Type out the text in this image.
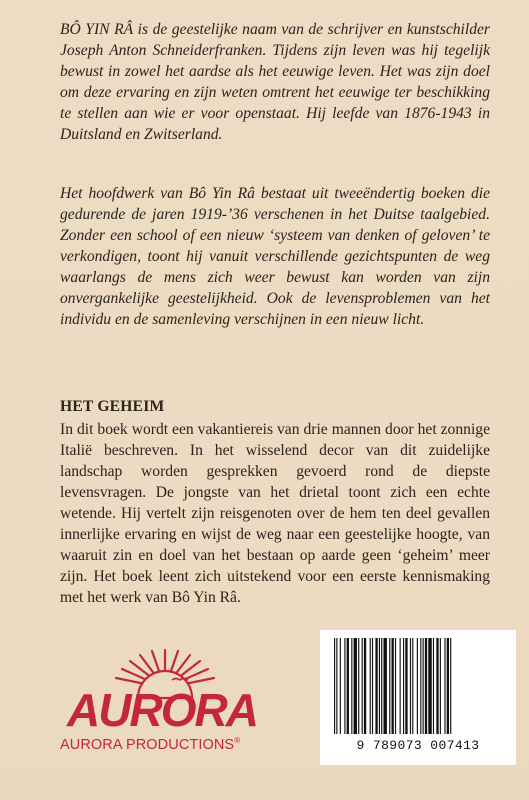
BÔ YIN RÂ is de geestelijke naam van de schrijver en kunstschilder Joseph Anton Schneiderfranken. Tijdens zijn leven was hij tegelijk bewust in zowel het aardse als het eeuwige leven. Het was zijn doel om deze ervaring en zijn weten omtrent het eeuwige ter beschikking te stellen aan wie er voor openstaat. Hij leefde van 1876-1943 in Duitsland en Zwitserland.

Het hoofdwerk van Bô Yin Râ bestaat uit tweeëndertig boeken die gedurende de jaren 1919-’36 verschenen in het Duitse taalgebied. Zonder een school of een nieuw ‘systeem van denken of geloven’ te verkondigen, toont hij vanuit verschillende gezichtspunten de weg waarlangs de mens zich weer bewust kan worden van zijn onvergankelijke geestelijkheid. Ook de levensproblemen van het individu en de samenleving verschijnen in een nieuw licht.

HET GEHEIM

In dit boek wordt een vakantiereis van drie mannen door het zonnige Italië beschreven. In het wisselend decor van dit zuidelijke landschap worden gesprekken gevoerd rond de diepste levensvragen. De jongste van het drietal toont zich een echte wetende. Hij vertelt zijn reisgenoten over de hem ten deel gevallen innerlijke ervaring en wijst de weg naar een geestelijke hoogte, van waaruit zin en doel van het bestaan op aarde geen ‘geheim’ meer zijn. Het boek leent zich uitstekend voor een eerste kennismaking met het werk van Bô Yin Râ.

AURORA
AURORA PRODUCTIONS®	9 789073 007413
